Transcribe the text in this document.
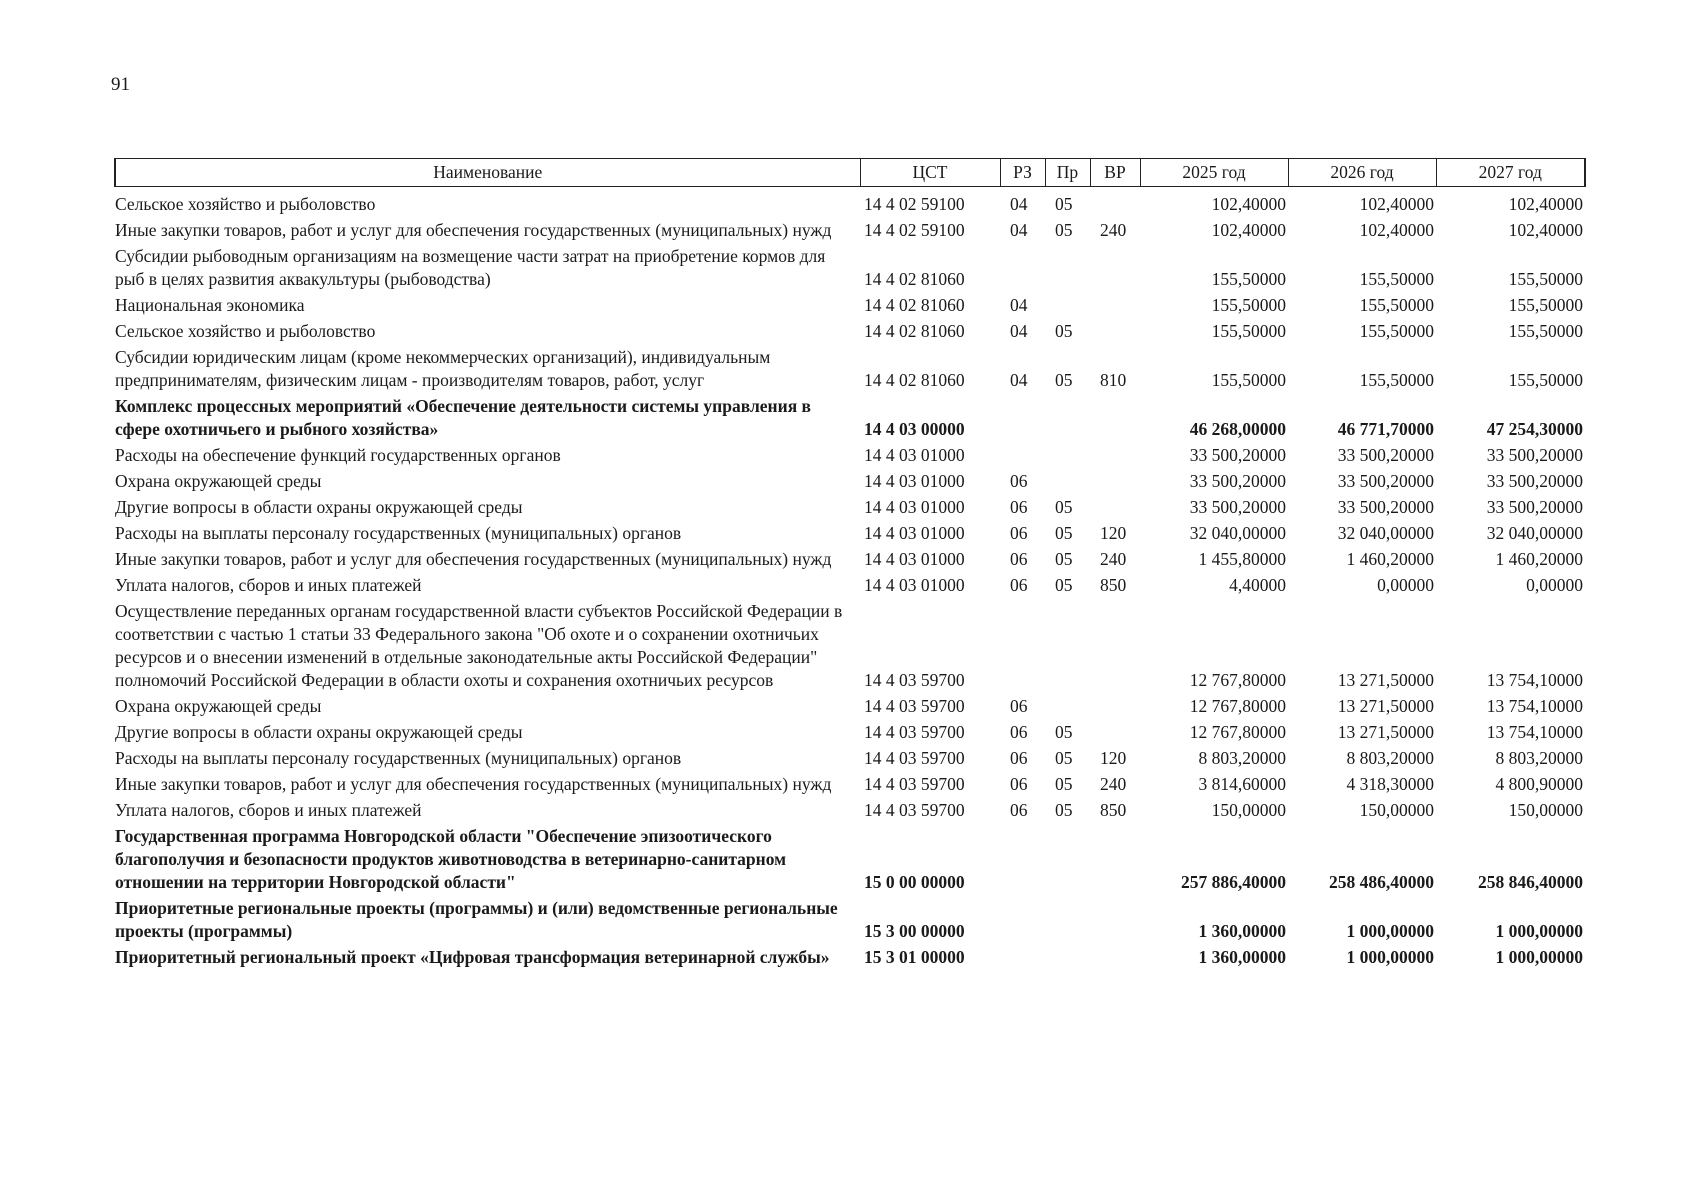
91
Наименование	ЦСТ	РЗ	Пр	ВР	2025 год	2026 год	2027 год
Сельское хозяйство и рыболовство	14 4 02 59100	04	05		102,40000	102,40000	102,40000
Иные закупки товаров, работ и услуг для обеспечения государственных (муниципальных) нужд	14 4 02 59100	04	05	240	102,40000	102,40000	102,40000
Субсидии рыбоводным организациям на возмещение части затрат на приобретение кормов для рыб в целях развития аквакультуры (рыбоводства)	14 4 02 81060				155,50000	155,50000	155,50000
Национальная экономика	14 4 02 81060	04			155,50000	155,50000	155,50000
Сельское хозяйство и рыболовство	14 4 02 81060	04	05		155,50000	155,50000	155,50000
Субсидии юридическим лицам (кроме некоммерческих организаций), индивидуальным предпринимателям, физическим лицам - производителям товаров, работ, услуг	14 4 02 81060	04	05	810	155,50000	155,50000	155,50000
Комплекс процессных мероприятий «Обеспечение деятельности системы управления в сфере охотничьего и рыбного хозяйства»	14 4 03 00000				46 268,00000	46 771,70000	47 254,30000
Расходы на обеспечение функций государственных органов	14 4 03 01000				33 500,20000	33 500,20000	33 500,20000
Охрана окружающей среды	14 4 03 01000	06			33 500,20000	33 500,20000	33 500,20000
Другие вопросы в области охраны окружающей среды	14 4 03 01000	06	05		33 500,20000	33 500,20000	33 500,20000
Расходы на выплаты персоналу государственных (муниципальных) органов	14 4 03 01000	06	05	120	32 040,00000	32 040,00000	32 040,00000
Иные закупки товаров, работ и услуг для обеспечения государственных (муниципальных) нужд	14 4 03 01000	06	05	240	1 455,80000	1 460,20000	1 460,20000
Уплата налогов, сборов и иных платежей	14 4 03 01000	06	05	850	4,40000	0,00000	0,00000
Осуществление переданных органам государственной власти субъектов Российской Федерации в соответствии с частью 1 статьи 33 Федерального закона "Об охоте и о сохранении охотничьих ресурсов и о внесении изменений в отдельные законодательные акты Российской Федерации" полномочий Российской Федерации в области охоты и сохранения охотничьих ресурсов	14 4 03 59700				12 767,80000	13 271,50000	13 754,10000
Охрана окружающей среды	14 4 03 59700	06			12 767,80000	13 271,50000	13 754,10000
Другие вопросы в области охраны окружающей среды	14 4 03 59700	06	05		12 767,80000	13 271,50000	13 754,10000
Расходы на выплаты персоналу государственных (муниципальных) органов	14 4 03 59700	06	05	120	8 803,20000	8 803,20000	8 803,20000
Иные закупки товаров, работ и услуг для обеспечения государственных (муниципальных) нужд	14 4 03 59700	06	05	240	3 814,60000	4 318,30000	4 800,90000
Уплата налогов, сборов и иных платежей	14 4 03 59700	06	05	850	150,00000	150,00000	150,00000
Государственная программа Новгородской области "Обеспечение эпизоотического благополучия и безопасности продуктов животноводства в ветеринарно-санитарном отношении на территории Новгородской области"	15 0 00 00000				257 886,40000	258 486,40000	258 846,40000
Приоритетные региональные проекты (программы) и (или) ведомственные региональные проекты (программы)	15 3 00 00000				1 360,00000	1 000,00000	1 000,00000
Приоритетный региональный проект «Цифровая трансформация ветеринарной службы»	15 3 01 00000				1 360,00000	1 000,00000	1 000,00000
